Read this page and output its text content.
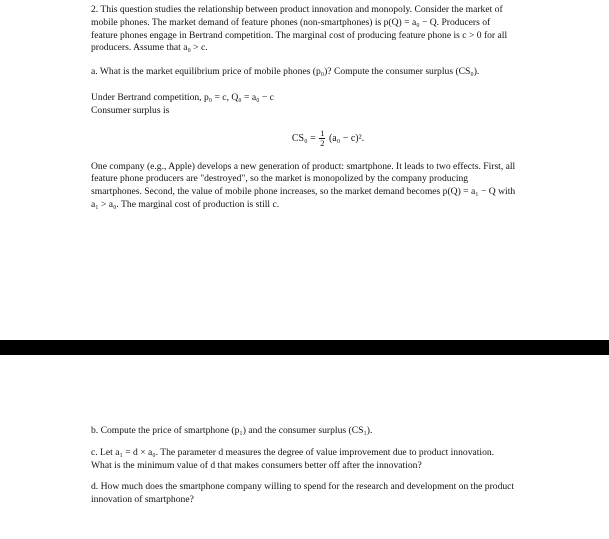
2. This question studies the relationship between product innovation and monopoly. Consider the market of mobile phones. The market demand of feature phones (non-smartphones) is p(Q) = a₀ − Q. Producers of feature phones engage in Bertrand competition. The marginal cost of producing feature phone is c > 0 for all producers. Assume that a₀ > c.

a. What is the market equilibrium price of mobile phones (p₀)? Compute the consumer surplus (CS₀).

Under Bertrand competition, p₀ = c, Q₀ = a₀ − c

Consumer surplus is

$CS_0 = \frac{1}{2} (a_0 - c)^2$.

One company (e.g., Apple) develops a new generation of product: smartphone. It leads to two effects. First, all feature phone producers are "destroyed", so the market is monopolized by the company producing smartphones. Second, the value of mobile phone increases, so the market demand becomes p(Q) = a₁ − Q with a₁ > a₀. The marginal cost of production is still c.

b. Compute the price of smartphone (p₁) and the consumer surplus (CS₁).

c. Let a₁ = d × a₀. The parameter d measures the degree of value improvement due to product innovation. What is the minimum value of d that makes consumers better off after the innovation?

d. How much does the smartphone company willing to spend for the research and development on the product innovation of smartphone?
